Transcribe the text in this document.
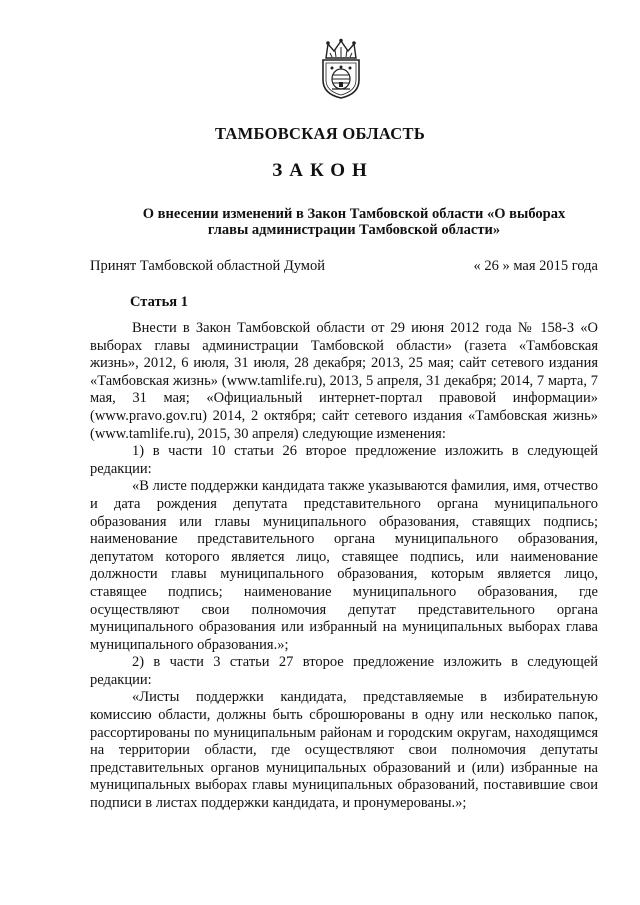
ТАМБОВСКАЯ ОБЛАСТЬ
ЗАКОН
О внесении изменений в Закон Тамбовской области «О выборах
главы администрации Тамбовской области»
Принят Тамбовской областной Думой	« 26 » мая 2015 года
Статья 1

Внести в Закон Тамбовской области от 29 июня 2012 года № 158-З «О выборах главы администрации Тамбовской области» (газета «Тамбовская жизнь», 2012, 6 июля, 31 июля, 28 декабря; 2013, 25 мая; сайт сетевого издания «Тамбовская жизнь» (www.tamlife.ru), 2013, 5 апреля, 31 декабря; 2014, 7 марта, 7 мая, 31 мая; «Официальный интернет-портал правовой информации» (www.pravo.gov.ru) 2014, 2 октября; сайт сетевого издания «Тамбовская жизнь» (www.tamlife.ru), 2015, 30 апреля) следующие изменения:

1) в части 10 статьи 26 второе предложение изложить в следующей редакции:

«В листе поддержки кандидата также указываются фамилия, имя, отчество и дата рождения депутата представительного органа муниципального образования или главы муниципального образования, ставящих подпись; наименование представительного органа муниципального образования, депутатом которого является лицо, ставящее подпись, или наименование должности главы муниципального образования, которым является лицо, ставящее подпись; наименование муниципального образования, где осуществляют свои полномочия депутат представительного органа муниципального образования или избранный на муниципальных выборах глава муниципального образования.»;

2) в части 3 статьи 27 второе предложение изложить в следующей редакции:

«Листы поддержки кандидата, представляемые в избирательную комиссию области, должны быть сброшюрованы в одну или несколько папок, рассортированы по муниципальным районам и городским округам, находящимся на территории области, где осуществляют свои полномочия депутаты представительных органов муниципальных образований и (или) избранные на муниципальных выборах главы муниципальных образований, поставившие свои подписи в листах поддержки кандидата, и пронумерованы.»;
